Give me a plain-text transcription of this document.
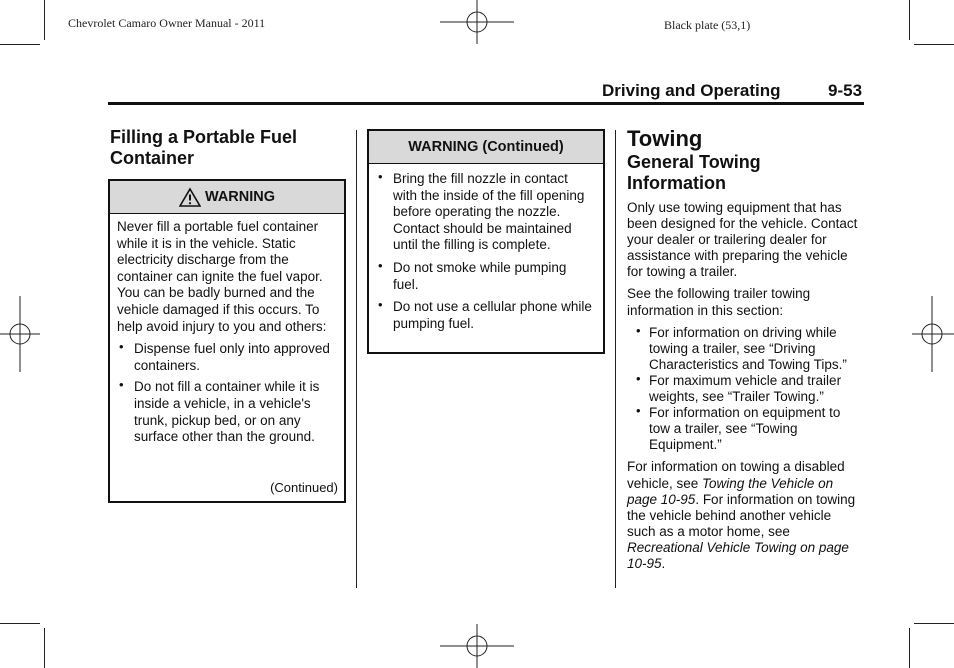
Chevrolet Camaro Owner Manual - 2011	Black plate (53,1)
Driving and Operating	9-53
Filling a Portable Fuel Container
WARNING
Never fill a portable fuel container while it is in the vehicle. Static electricity discharge from the container can ignite the fuel vapor. You can be badly burned and the vehicle damaged if this occurs. To help avoid injury to you and others:
• Dispense fuel only into approved containers.
• Do not fill a container while it is inside a vehicle, in a vehicle's trunk, pickup bed, or on any surface other than the ground.
(Continued)
WARNING (Continued)
• Bring the fill nozzle in contact with the inside of the fill opening before operating the nozzle. Contact should be maintained until the filling is complete.
• Do not smoke while pumping fuel.
• Do not use a cellular phone while pumping fuel.
Towing
General Towing Information
Only use towing equipment that has been designed for the vehicle. Contact your dealer or trailering dealer for assistance with preparing the vehicle for towing a trailer.
See the following trailer towing information in this section:
• For information on driving while towing a trailer, see “Driving Characteristics and Towing Tips.”
• For maximum vehicle and trailer weights, see “Trailer Towing.”
• For information on equipment to tow a trailer, see “Towing Equipment.”
For information on towing a disabled vehicle, see Towing the Vehicle on page 10-95. For information on towing the vehicle behind another vehicle such as a motor home, see Recreational Vehicle Towing on page 10-95.
